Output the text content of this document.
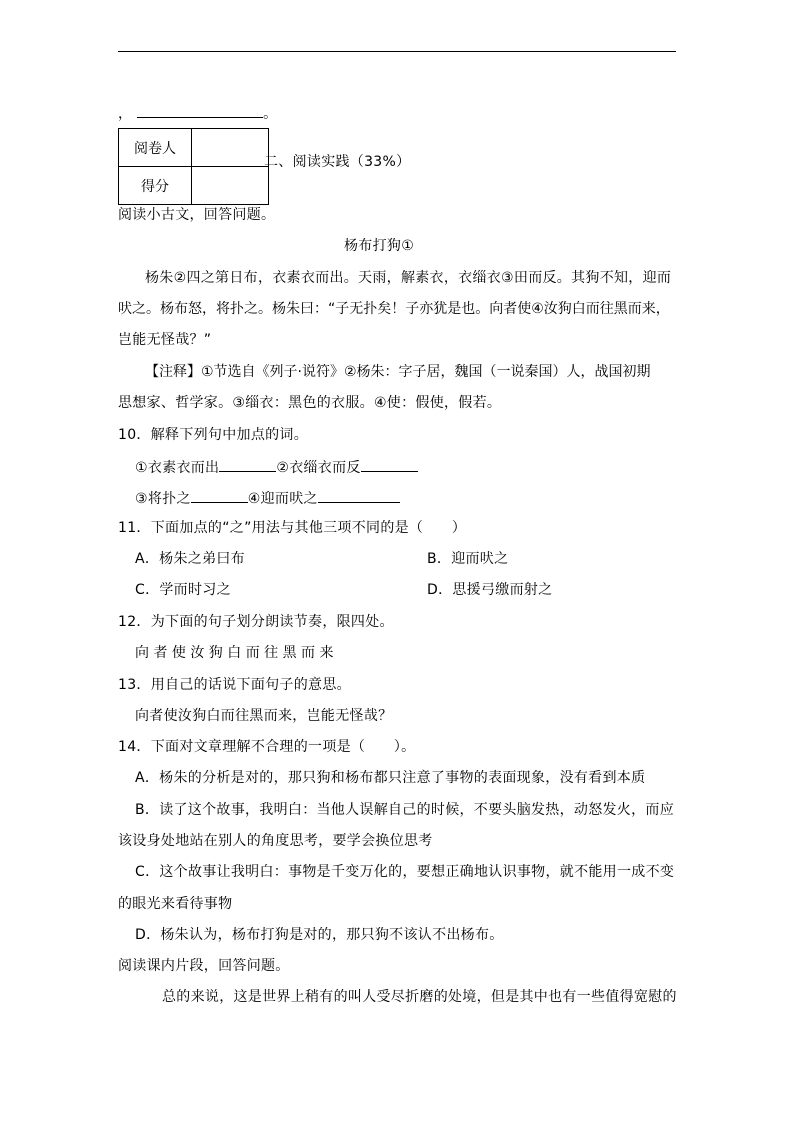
，	。
阅卷人	
得分	
二、阅读实践（33%）
阅读小古文，回答问题。
杨布打狗①
杨朱②四之第日布，衣素衣而出。天雨，解素衣，衣缁衣③田而反。其狗不知，迎而
吠之。杨布怒，将扑之。杨朱曰：“子无扑矣！子亦犹是也。向者使④汝狗白而往黑而来，
岂能无怪哉？”
【注释】①节选自《列子·说符》②杨朱：字子居，魏国（一说秦国）人，战国初期
思想家、哲学家。③缁衣：黑色的衣服。④使：假使，假若。
10．解释下列句中加点的词。
①衣素衣而出	②衣缁衣而反
③将扑之	④迎而吠之
11．下面加点的“之”用法与其他三项不同的是（　　）
A．杨朱之弟曰布	B．迎而吠之
C．学而时习之	D．思援弓缴而射之
12．为下面的句子划分朗读节奏，限四处。
向 者 使 汝 狗 白 而 往 黑 而 来
13．用自己的话说下面句子的意思。
向者使汝狗白而往黑而来，岂能无怪哉？
14．下面对文章理解不合理的一项是（　　）。
A．杨朱的分析是对的，那只狗和杨布都只注意了事物的表面现象，没有看到本质
B．读了这个故事，我明白：当他人误解自己的时候，不要头脑发热，动怒发火，而应
该设身处地站在别人的角度思考，要学会换位思考
C．这个故事让我明白：事物是千变万化的，要想正确地认识事物，就不能用一成不变
的眼光来看待事物
D．杨朱认为，杨布打狗是对的，那只狗不该认不出杨布。
阅读课内片段，回答问题。
总的来说，这是世界上稍有的叫人受尽折磨的处境，但是其中也有一些值得宽慰的
